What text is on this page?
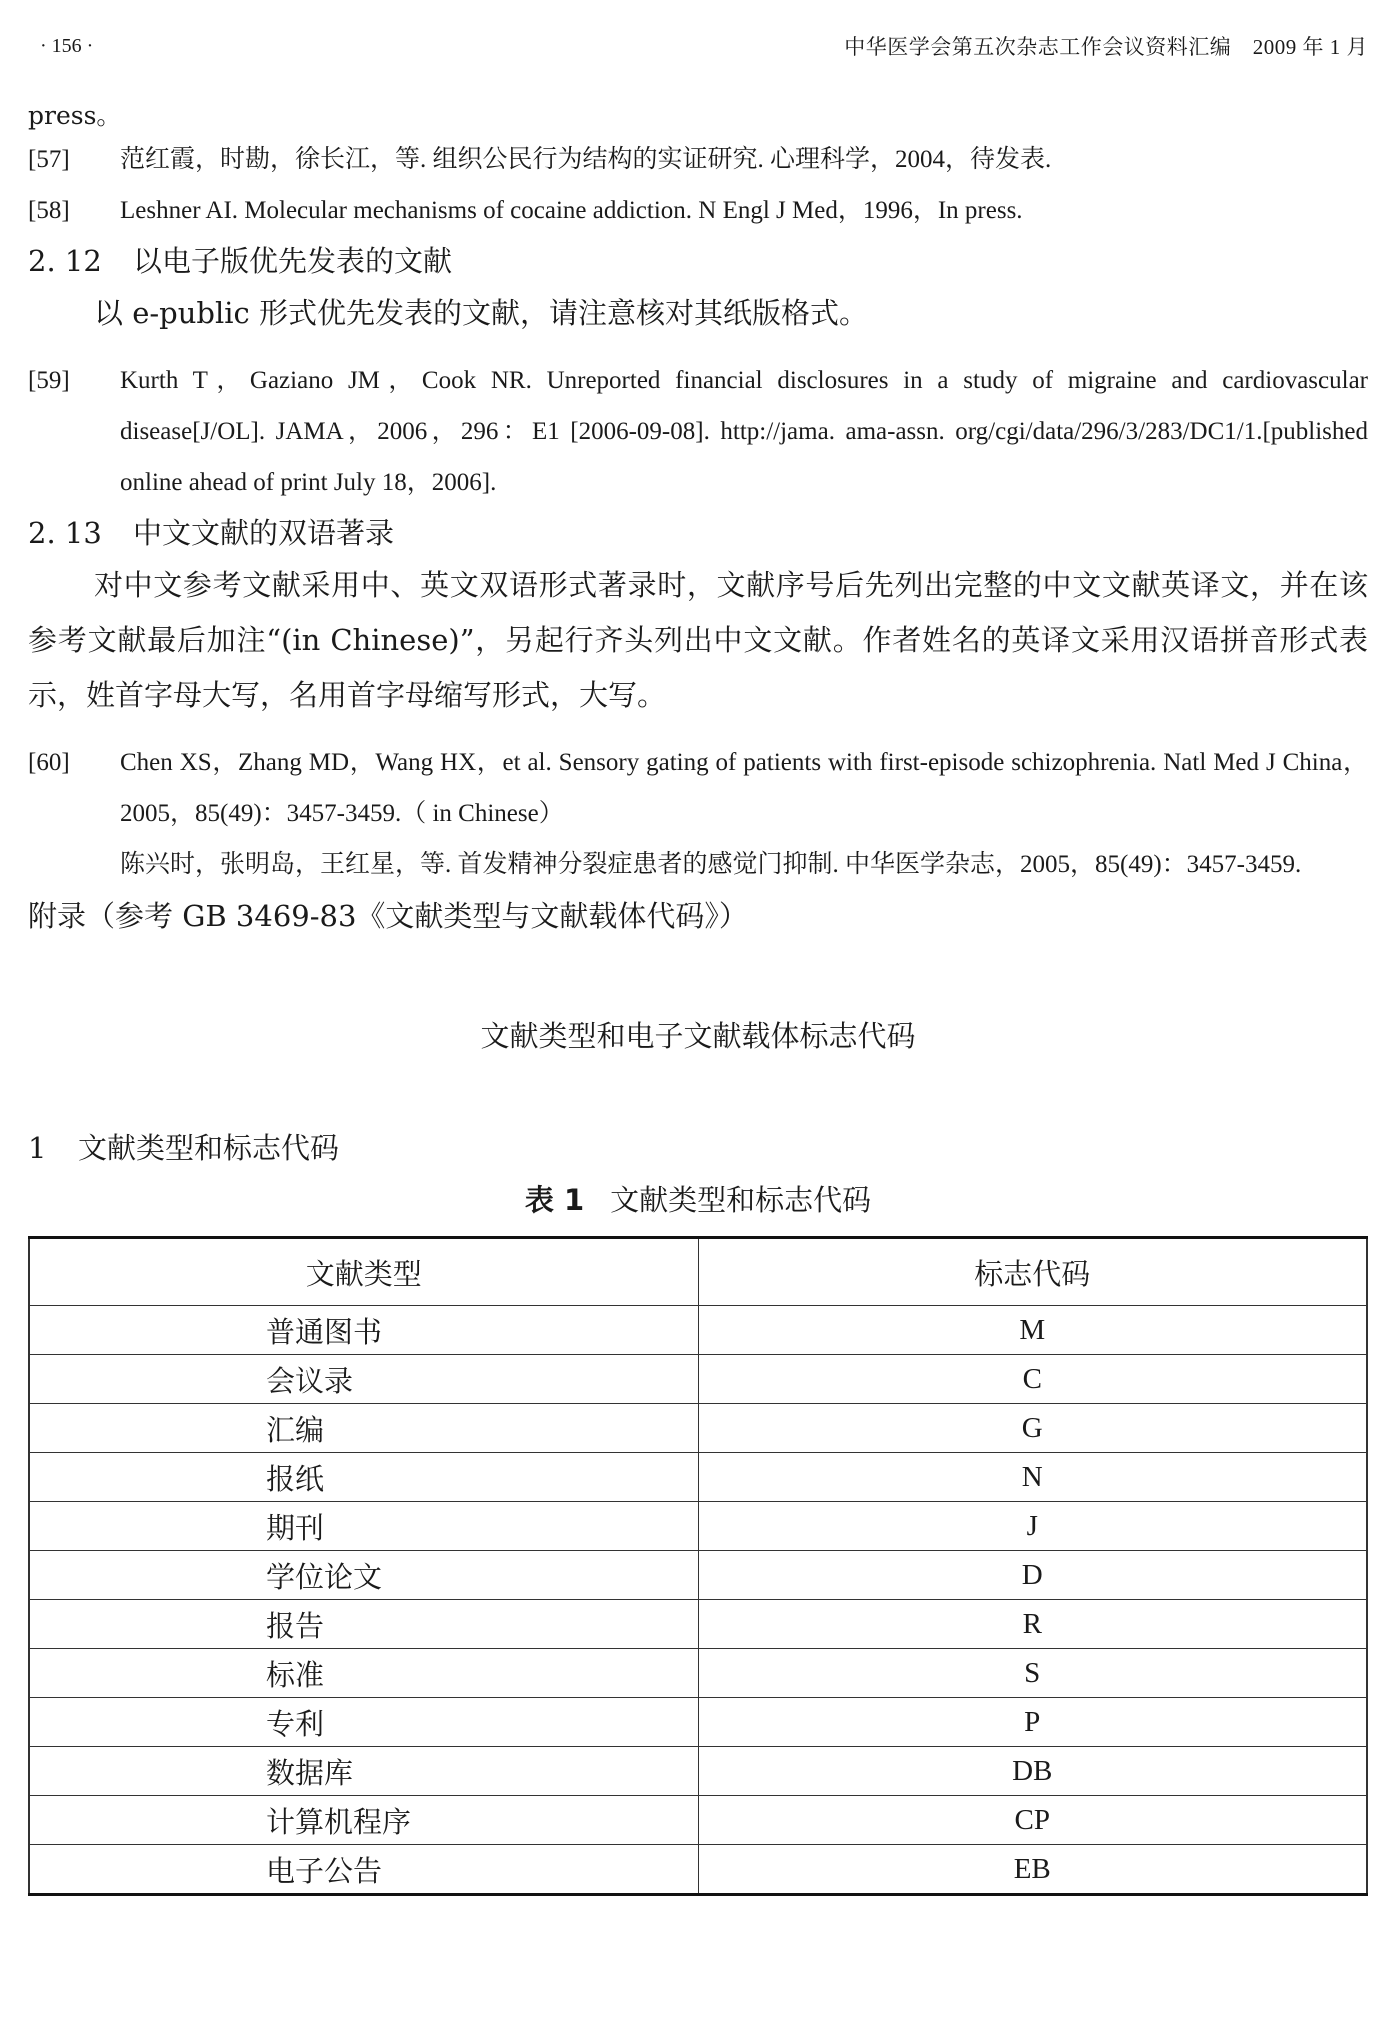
· 156 ·	中华医学会第五次杂志工作会议资料汇编　2009 年 1 月
press。
[57]	范红霞，时勘，徐长江，等. 组织公民行为结构的实证研究. 心理科学，2004，待发表.
[58]	Leshner AI. Molecular mechanisms of cocaine addiction. N Engl J Med，1996，In press.
2. 12 以电子版优先发表的文献
以 e-public 形式优先发表的文献，请注意核对其纸版格式。
[59]	Kurth T，Gaziano JM，Cook NR. Unreported financial disclosures in a study of migraine and cardiovascular disease[J/OL]. JAMA，2006，296：E1 [2006-09-08]. http://jama. ama-assn. org/cgi/data/296/3/283/DC1/1.[published online ahead of print July 18，2006].
2. 13 中文文献的双语著录
对中文参考文献采用中、英文双语形式著录时，文献序号后先列出完整的中文文献英译文，并在该参考文献最后加注“(in Chinese)”，另起行齐头列出中文文献。作者姓名的英译文采用汉语拼音形式表示，姓首字母大写，名用首字母缩写形式，大写。
[60]	Chen XS，Zhang MD，Wang HX，et al. Sensory gating of patients with first-episode schizophrenia. Natl Med J China，2005，85(49)：3457-3459.（ in Chinese）
陈兴时，张明岛，王红星，等. 首发精神分裂症患者的感觉门抑制. 中华医学杂志，2005，85(49)：3457-3459.
附录（参考 GB 3469-83《文献类型与文献载体代码》）
文献类型和电子文献载体标志代码
1 文献类型和标志代码
表 1 文献类型和标志代码
文献类型	标志代码
普通图书	M
会议录	C
汇编	G
报纸	N
期刊	J
学位论文	D
报告	R
标准	S
专利	P
数据库	DB
计算机程序	CP
电子公告	EB
